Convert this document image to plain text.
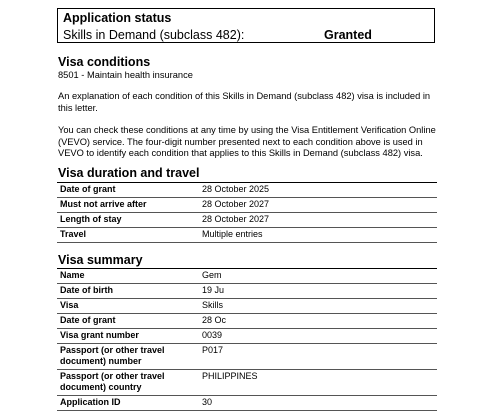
Application status
Skills in Demand (subclass 482):	Granted
Visa conditions

8501 - Maintain health insurance

An explanation of each condition of this Skills in Demand (subclass 482) visa is included in this letter.

You can check these conditions at any time by using the Visa Entitlement Verification Online (VEVO) service. The four-digit number presented next to each condition above is used in VEVO to identify each condition that applies to this Skills in Demand (subclass 482) visa.

Visa duration and travel
Date of grant	28 October 2025
Must not arrive after	28 October 2027
Length of stay	28 October 2027
Travel	Multiple entries
Visa summary
Name	Gem
Date of birth	19 Ju
Visa	Skills
Date of grant	28 Oc
Visa grant number	0039
Passport (or other travel document) number	P017
Passport (or other travel document) country	PHILIPPINES
Application ID	30
